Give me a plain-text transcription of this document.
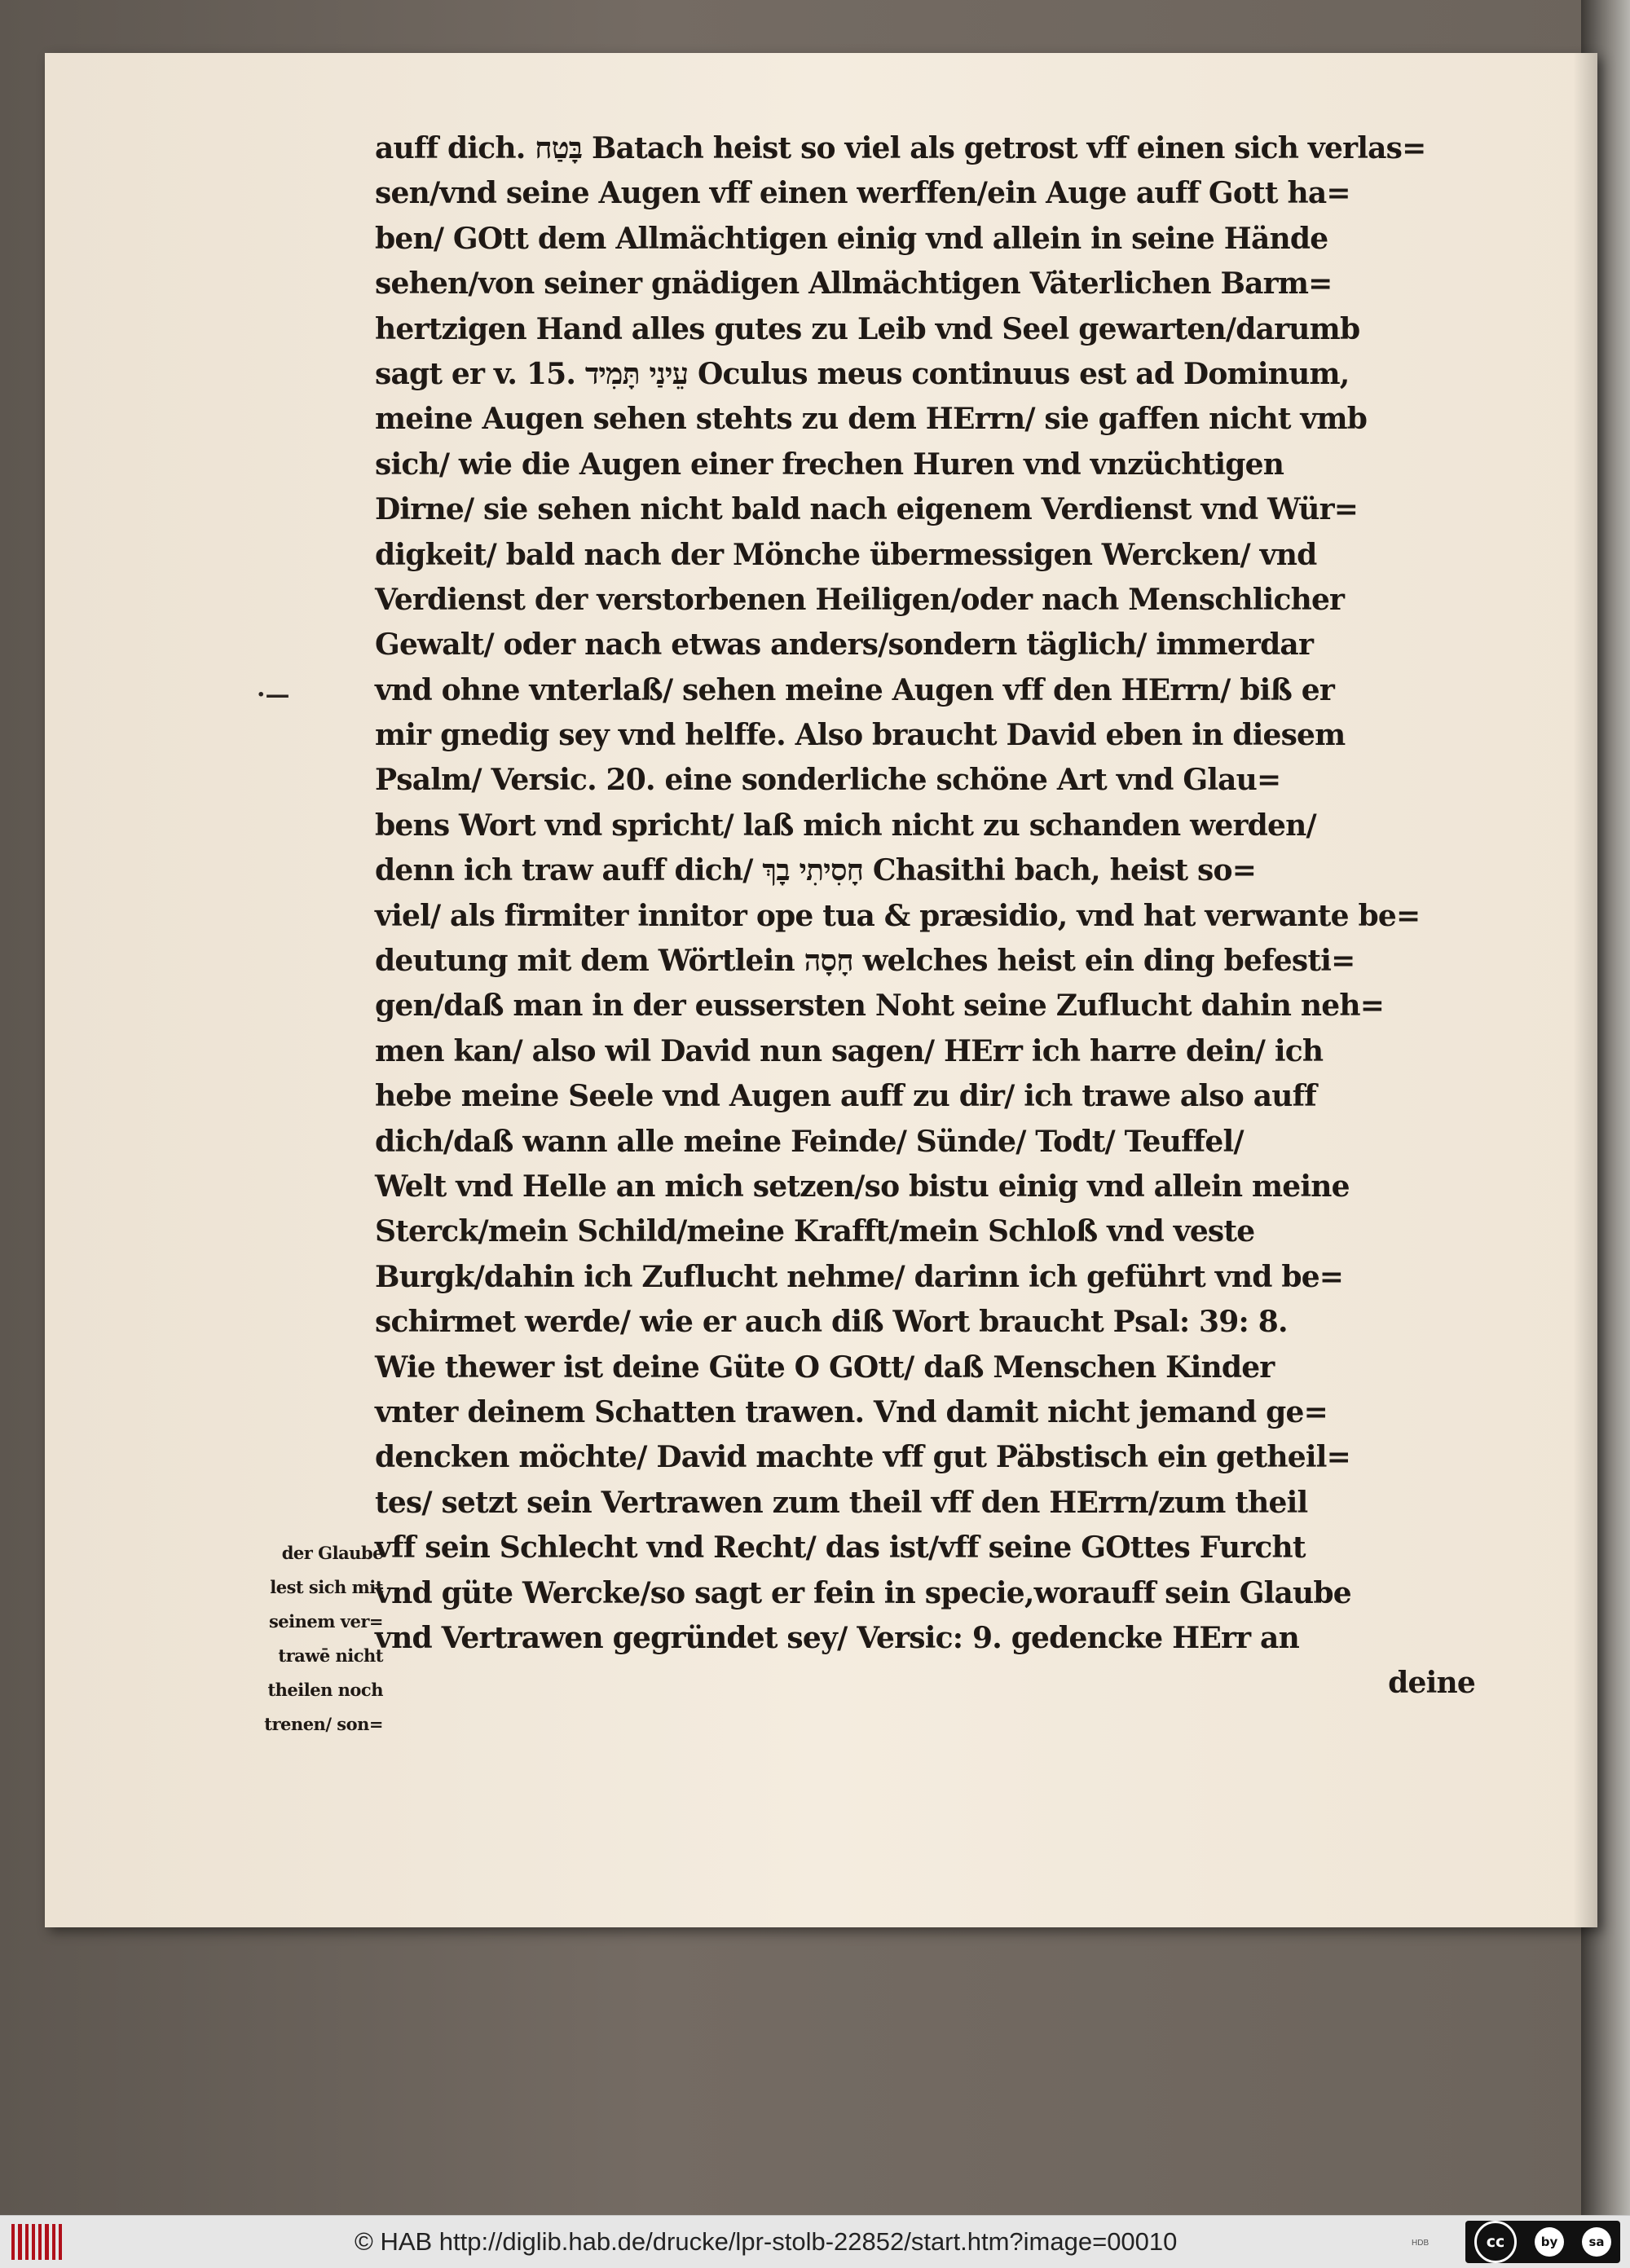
·—
auff dich. בָּטַח Batach heist so viel als getrost vff einen sich verlas=
sen/vnd seine Augen vff einen werffen/ein Auge auff Gott ha=
ben/ GOtt dem Allmächtigen einig vnd allein in seine Hände
sehen/von seiner gnädigen Allmächtigen Väterlichen Barm=
hertzigen Hand alles gutes zu Leib vnd Seel gewarten/darumb
sagt er v. 15. עֵינַי תָּמִיד Oculus meus continuus est ad Dominum,
meine Augen sehen stehts zu dem HErrn/ sie gaffen nicht vmb
sich/ wie die Augen einer frechen Huren vnd vnzüchtigen
Dirne/ sie sehen nicht bald nach eigenem Verdienst vnd Wür=
digkeit/ bald nach der Mönche übermessigen Wercken/ vnd
Verdienst der verstorbenen Heiligen/oder nach Menschlicher
Gewalt/ oder nach etwas anders/sondern täglich/ immerdar
vnd ohne vnterlaß/ sehen meine Augen vff den HErrn/ biß er
mir gnedig sey vnd helffe. Also braucht David eben in diesem
Psalm/ Versic. 20. eine sonderliche schöne Art vnd Glau=
bens Wort vnd spricht/ laß mich nicht zu schanden werden/
denn ich traw auff dich/ חָסִיתִי בָךְ Chasithi bach, heist so=
viel/ als firmiter innitor ope tua & præsidio, vnd hat verwante be=
deutung mit dem Wörtlein חָסָה welches heist ein ding befesti=
gen/daß man in der eussersten Noht seine Zuflucht dahin neh=
men kan/ also wil David nun sagen/ HErr ich harre dein/ ich
hebe meine Seele vnd Augen auff zu dir/ ich trawe also auff
dich/daß wann alle meine Feinde/ Sünde/ Todt/ Teuffel/
Welt vnd Helle an mich setzen/so bistu einig vnd allein meine
Sterck/mein Schild/meine Krafft/mein Schloß vnd veste
Burgk/dahin ich Zuflucht nehme/ darinn ich geführt vnd be=
schirmet werde/ wie er auch diß Wort braucht Psal: 39: 8.
Wie thewer ist deine Güte O GOtt/ daß Menschen Kinder
vnter deinem Schatten trawen. Vnd damit nicht jemand ge=
dencken möchte/ David machte vff gut Päbstisch ein getheil=
tes/ setzt sein Vertrawen zum theil vff den HErrn/zum theil
vff sein Schlecht vnd Recht/ das ist/vff seine GOttes Furcht
vnd güte Wercke/so sagt er fein in specie,worauff sein Glaube
vnd Vertrawen gegründet sey/ Versic: 9. gedencke HErr an
deine
der Glaube
lest sich mit
seinem ver=
trawē nicht
theilen noch
trenen/ son=
© HAB http://diglib.hab.de/drucke/lpr-stolb-22852/start.htm?image=00010	HDB	cc	by	sa
